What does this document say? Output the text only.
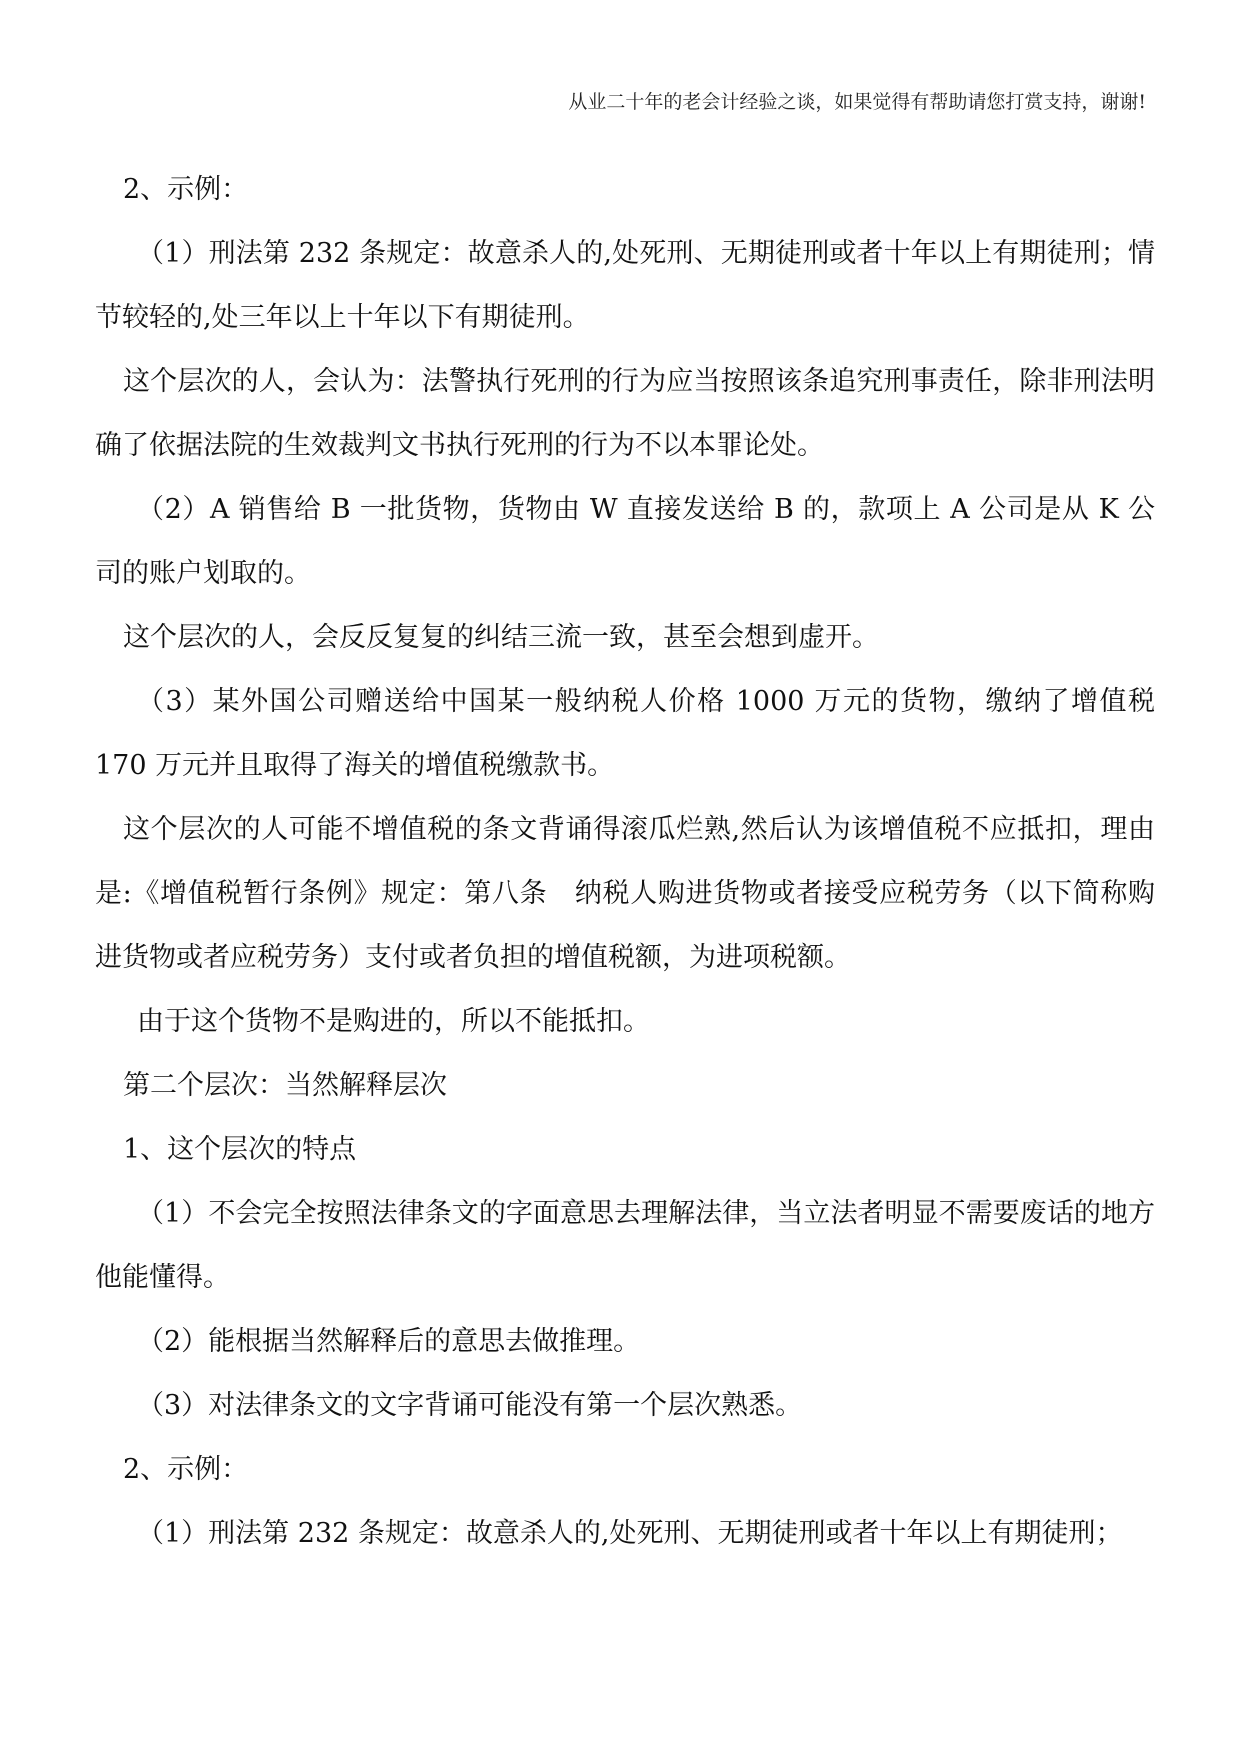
从业二十年的老会计经验之谈，如果觉得有帮助请您打赏支持，谢谢!

2、示例：

（1）刑法第 232 条规定：故意杀人的,处死刑、无期徒刑或者十年以上有期徒刑；情节较轻的,处三年以上十年以下有期徒刑。

这个层次的人，会认为：法警执行死刑的行为应当按照该条追究刑事责任，除非刑法明确了依据法院的生效裁判文书执行死刑的行为不以本罪论处。

（2）A 销售给 B 一批货物，货物由 W 直接发送给 B 的，款项上 A 公司是从 K 公司的账户划取的。

这个层次的人，会反反复复的纠结三流一致，甚至会想到虚开。

（3）某外国公司赠送给中国某一般纳税人价格 1000 万元的货物，缴纳了增值税 170 万元并且取得了海关的增值税缴款书。

这个层次的人可能不增值税的条文背诵得滚瓜烂熟,然后认为该增值税不应抵扣，理由是:《增值税暂行条例》规定：第八条　纳税人购进货物或者接受应税劳务（以下简称购进货物或者应税劳务）支付或者负担的增值税额，为进项税额。

由于这个货物不是购进的，所以不能抵扣。

第二个层次：当然解释层次

1、这个层次的特点

（1）不会完全按照法律条文的字面意思去理解法律，当立法者明显不需要废话的地方他能懂得。

（2）能根据当然解释后的意思去做推理。

（3）对法律条文的文字背诵可能没有第一个层次熟悉。

2、示例：

（1）刑法第 232 条规定：故意杀人的,处死刑、无期徒刑或者十年以上有期徒刑；
